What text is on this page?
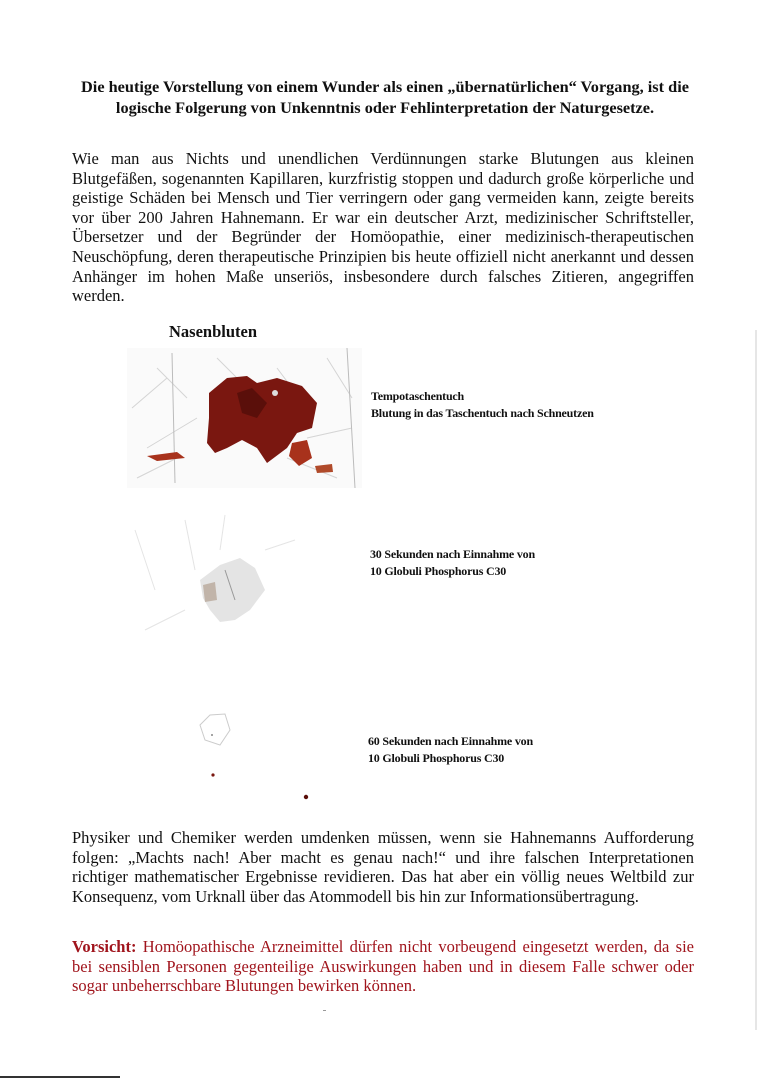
Die heutige Vorstellung von einem Wunder als einen „übernatürlichen“ Vorgang, ist die logische Folgerung von Unkenntnis oder Fehlinterpretation der Naturgesetze.
Wie man aus Nichts und unendlichen Verdünnungen starke Blutungen aus kleinen Blutgefäßen, sogenannten Kapillaren, kurzfristig stoppen und dadurch große körperliche und geistige Schäden bei Mensch und Tier verringern oder gang vermeiden kann, zeigte bereits vor über 200 Jahren Hahnemann. Er war ein deutscher Arzt, medizinischer Schriftsteller, Übersetzer und der Begründer der Homöopathie, einer medizinisch-therapeutischen Neuschöpfung, deren therapeutische Prinzipien bis heute offiziell nicht anerkannt und dessen Anhänger im hohen Maße unseriös, insbesondere durch falsches Zitieren, angegriffen werden.
Nasenbluten
Tempotaschentuch
Blutung in das Taschentuch nach Schneutzen
30 Sekunden nach Einnahme von
10 Globuli Phosphorus C30
60 Sekunden nach Einnahme von
10 Globuli Phosphorus C30
Physiker und Chemiker werden umdenken müssen, wenn sie Hahnemanns Aufforderung folgen: „Machts nach! Aber macht es genau nach!“ und ihre falschen Interpretationen richtiger mathematischer Ergebnisse revidieren. Das hat aber ein völlig neues Weltbild zur Konsequenz, vom Urknall über das Atommodell bis hin zur Informationsübertragung.
Vorsicht: Homöopathische Arzneimittel dürfen nicht vorbeugend eingesetzt werden, da sie bei sensiblen Personen gegenteilige Auswirkungen haben und in diesem Falle schwer oder sogar unbeherrschbare Blutungen bewirken können.
